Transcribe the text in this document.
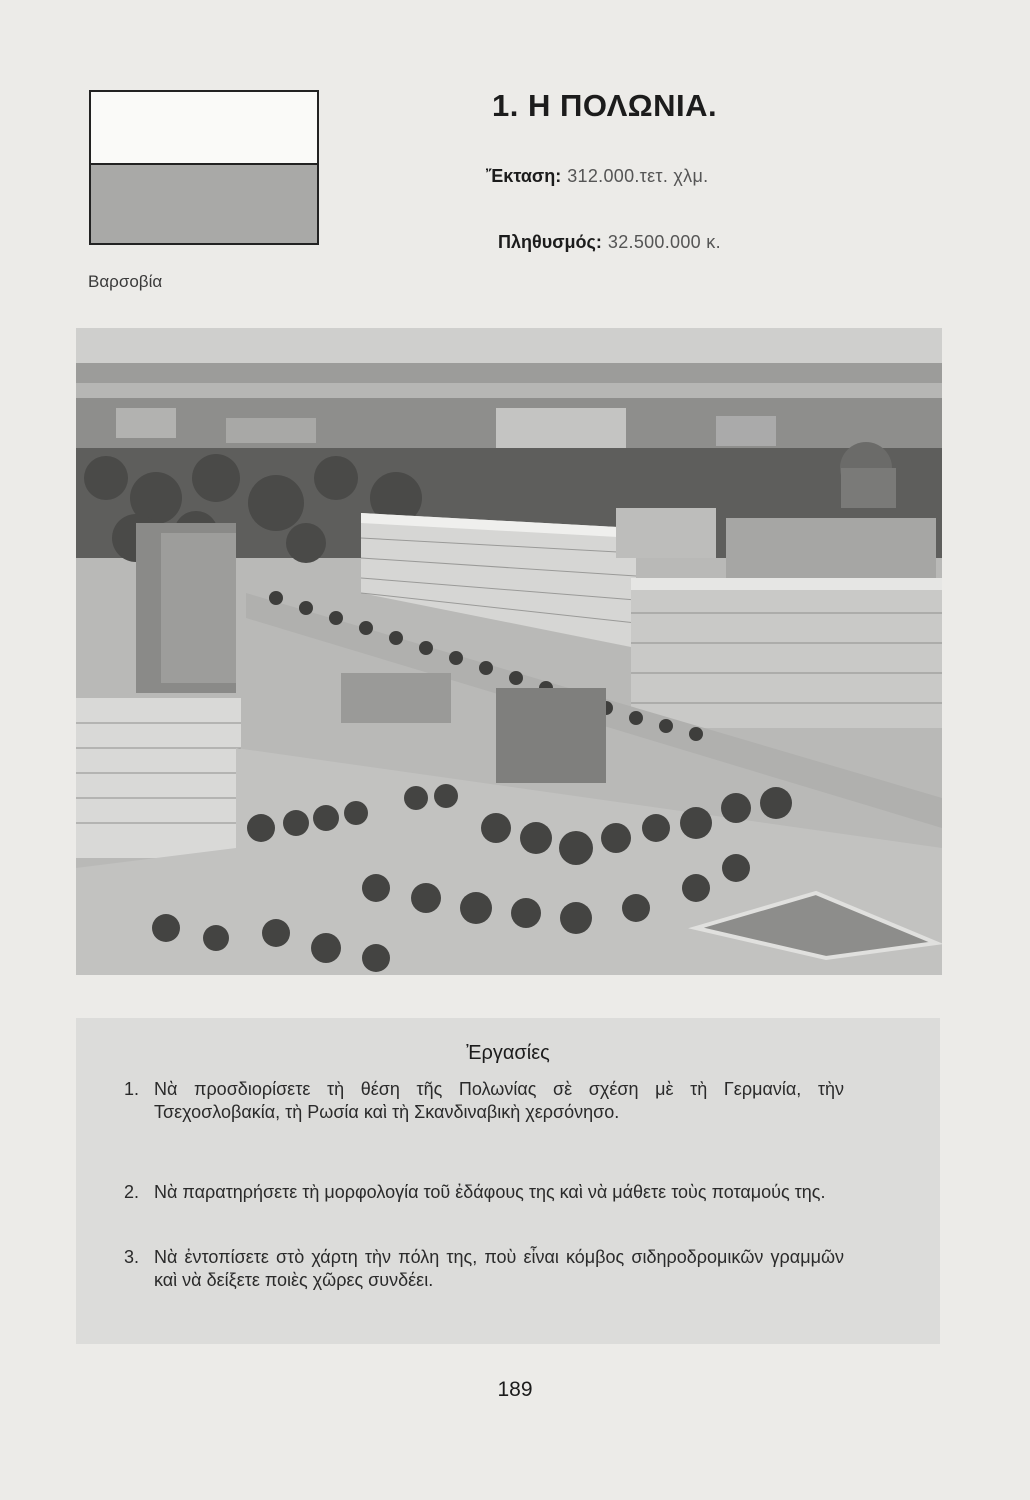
Βαρσοβία
1. Η ΠΟΛΩΝΙΑ.
Ἔκταση: 312.000.τετ. χλμ.
Πληθυσμός: 32.500.000 κ.
Ἐργασίες
1. Νὰ προσδιορίσετε τὴ θέση τῆς Πολωνίας σὲ σχέση μὲ τὴ Γερμανία, τὴν Τσεχοσλοβακία, τὴ Ρωσία καὶ τὴ Σκανδιναβικὴ χερσόνησο.
2. Νὰ παρατηρήσετε τὴ μορφολογία τοῦ ἐδάφους της καὶ νὰ μάθετε τοὺς ποταμούς της.
3. Νὰ ἐντοπίσετε στὸ χάρτη τὴν πόλη της, ποὺ εἶναι κόμβος σιδηροδρομικῶν γραμμῶν καὶ νὰ δείξετε ποιὲς χῶρες συνδέει.
189
